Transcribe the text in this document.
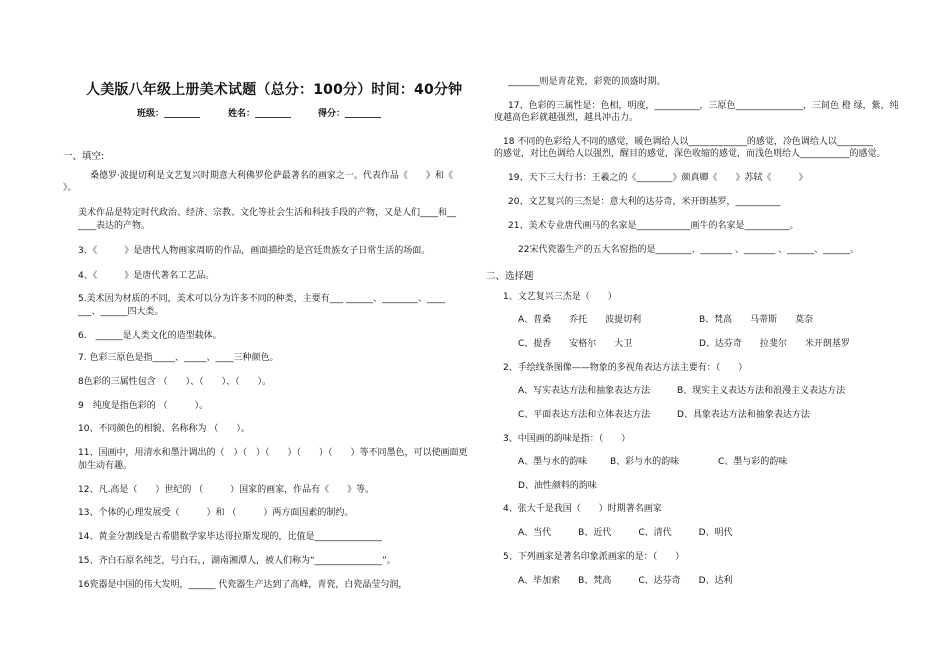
人美版八年级上册美术试题（总分：100分）时间：40分钟
班级：________	姓名：________	得分：________
一、填空:
桑德罗·波提切利是文艺复兴时期意大利佛罗伦萨最著名的画家之一。代表作品《　　》和《
》。
美术作品是特定时代政治、经济、宗教、文化等社会生活和科技手段的产物，又是人们____和__
____表达的产物。
3、《　　　》是唐代人物画家周昉的作品，画面描绘的是宫廷贵族女子日常生活的场面。
4、《　　　》是唐代著名工艺品。
5.美术因为材质的不同，美术可以分为许多不同的种类，主要有___ ______、________、____
___、______四大类。
6.　______是人类文化的造型载体。
7. 色彩三原色是指_____、_____、____三种颜色。
8色彩的三属性包含 （　　）、（　　）、（　　）。
9　纯度是指色彩的 （　　　）。
10、不同颜色的相貌、名称称为 （　　）。
11、国画中，用清水和墨汁调出的（　）（　）（　　）（　　）（　　）等不同墨色，可以使画面更
加生动有趣。
12、凡.高是（　　）世纪的 （　　　）国家的画家，作品有《　　》等。
13、个体的心理发展受（　　　）和 （　　　）两方面因素的制约。
14、黄金分割线是古希腊数学家毕达哥拉斯发现的，比值是_______________
15、齐白石原名纯芝，号白石，，湖南湘潭人，被人们称为“_______________”。
16瓷器是中国的伟大发明，______ 代瓷器生产达到了高峰，青瓷，白瓷晶莹匀润，
_______则是青花瓷，彩瓷的顶盛时期。
17、色彩的三属性是：色相，明度，__________，三原色_______________，三间色 橙 绿，紫，纯
度越高色彩就越强烈，越具冲击力。
18 不同的色彩给人不同的感觉，暖色调给人以_____________的感觉，冷色调给人以________
的感觉，对比色调给人以强烈，醒目的感觉，深色收缩的感觉，而浅色则给人___________的感觉。
19、天下三大行书：王羲之的《________》颜真卿《　　》苏轼《　　　》
20、文艺复兴的三杰是：意大利的达芬奇，米开朗基罗，__________
21、美术专业唐代画马的名家是____________画牛的名家是__________。
22宋代瓷器生产的五大名窑指的是________、_______ 、_______ 、______、______。
二、选择题
1、文艺复兴三杰是（　　）
A、普桑　　乔托　　波提切利	B、梵高　　马蒂斯　　莫奈
C、提香　　安格尔　　大卫	D、达芬奇　　拉斐尔　　米开朗基罗
2、手绘线条图像——物象的多视角表达方法主要有：（　　）
A、写实表达方法和抽象表达方法	B、现实主义表达方法和浪漫主义表达方法
C、平面表达方法和立体表达方法	D、具象表达方法和抽象表达方法
3、中国画的韵味是指：（　　）
A、墨与水的韵味	B、彩与水的韵味	C、墨与彩的韵味
D、油性颜料的韵味
4、张大千是我国（　　）时期著名画家
A、当代　　　B、近代　　　C、清代　　　D、明代
5、下列画家是著名印象派画家的是：（　　）
A、毕加索　　B、梵高　　　C、达芬奇　　D、达利
